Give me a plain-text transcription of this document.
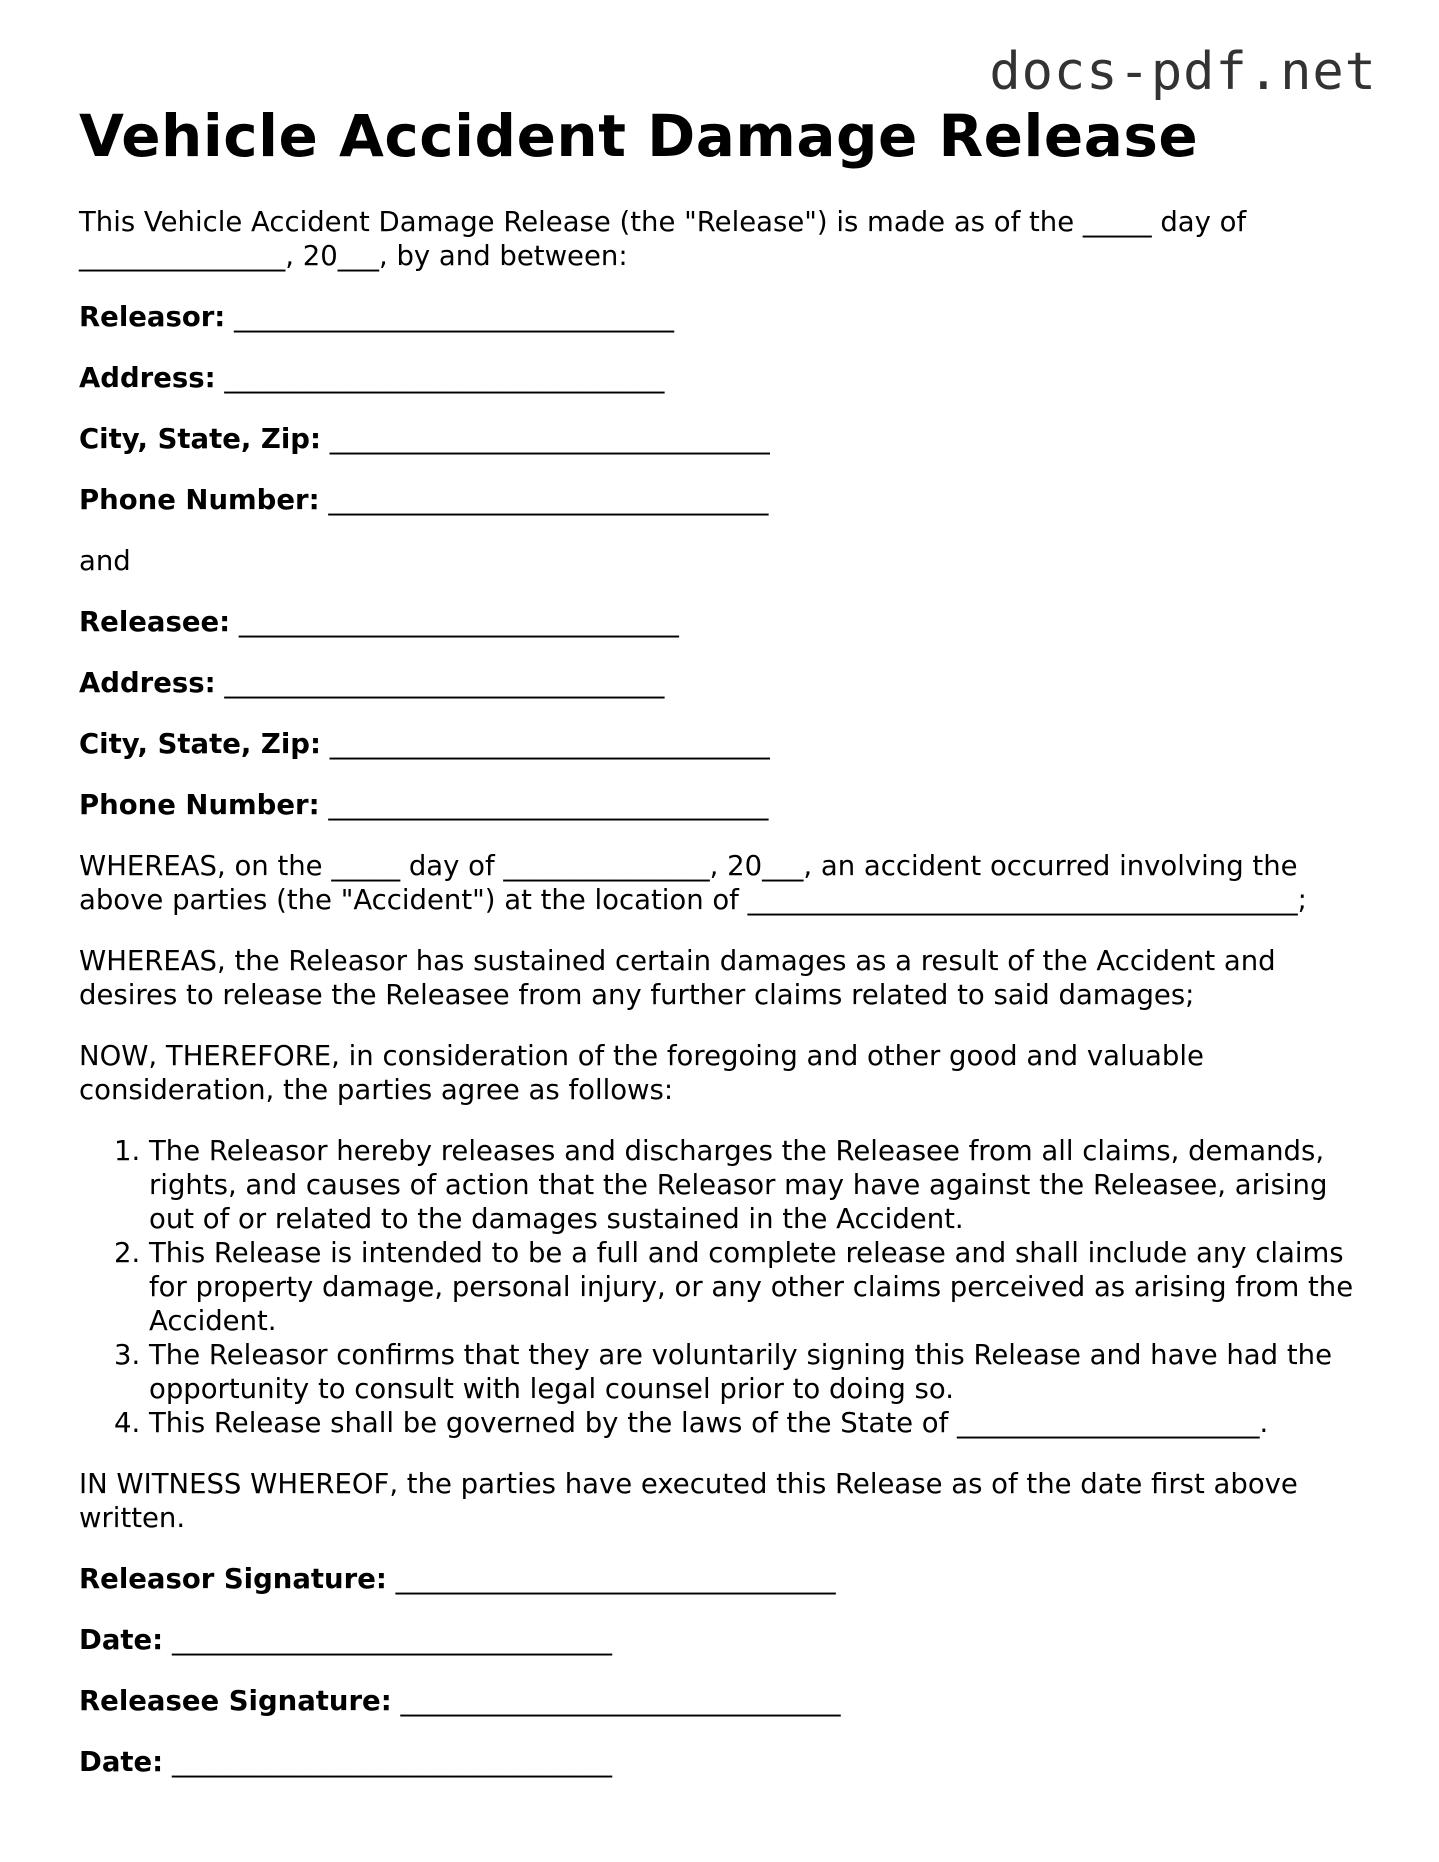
docs-pdf.net
Vehicle Accident Damage Release

This Vehicle Accident Damage Release (the "Release") is made as of the _____ day of _______________, 20___, by and between:

Releasor: ________________________________
Address: ________________________________
City, State, Zip: ________________________________
Phone Number: ________________________________

and

Releasee: ________________________________
Address: ________________________________
City, State, Zip: ________________________________
Phone Number: ________________________________

WHEREAS, on the _____ day of _______________, 20___, an accident occurred involving the above parties (the "Accident") at the location of ________________________________________;

WHEREAS, the Releasor has sustained certain damages as a result of the Accident and desires to release the Releasee from any further claims related to said damages;

NOW, THEREFORE, in consideration of the foregoing and other good and valuable consideration, the parties agree as follows:

1. The Releasor hereby releases and discharges the Releasee from all claims, demands, rights, and causes of action that the Releasor may have against the Releasee, arising out of or related to the damages sustained in the Accident.
2. This Release is intended to be a full and complete release and shall include any claims for property damage, personal injury, or any other claims perceived as arising from the Accident.
3. The Releasor confirms that they are voluntarily signing this Release and have had the opportunity to consult with legal counsel prior to doing so.
4. This Release shall be governed by the laws of the State of ______________________.

IN WITNESS WHEREOF, the parties have executed this Release as of the date first above written.

Releasor Signature: ________________________________
Date: ________________________________
Releasee Signature: ________________________________
Date: ________________________________
